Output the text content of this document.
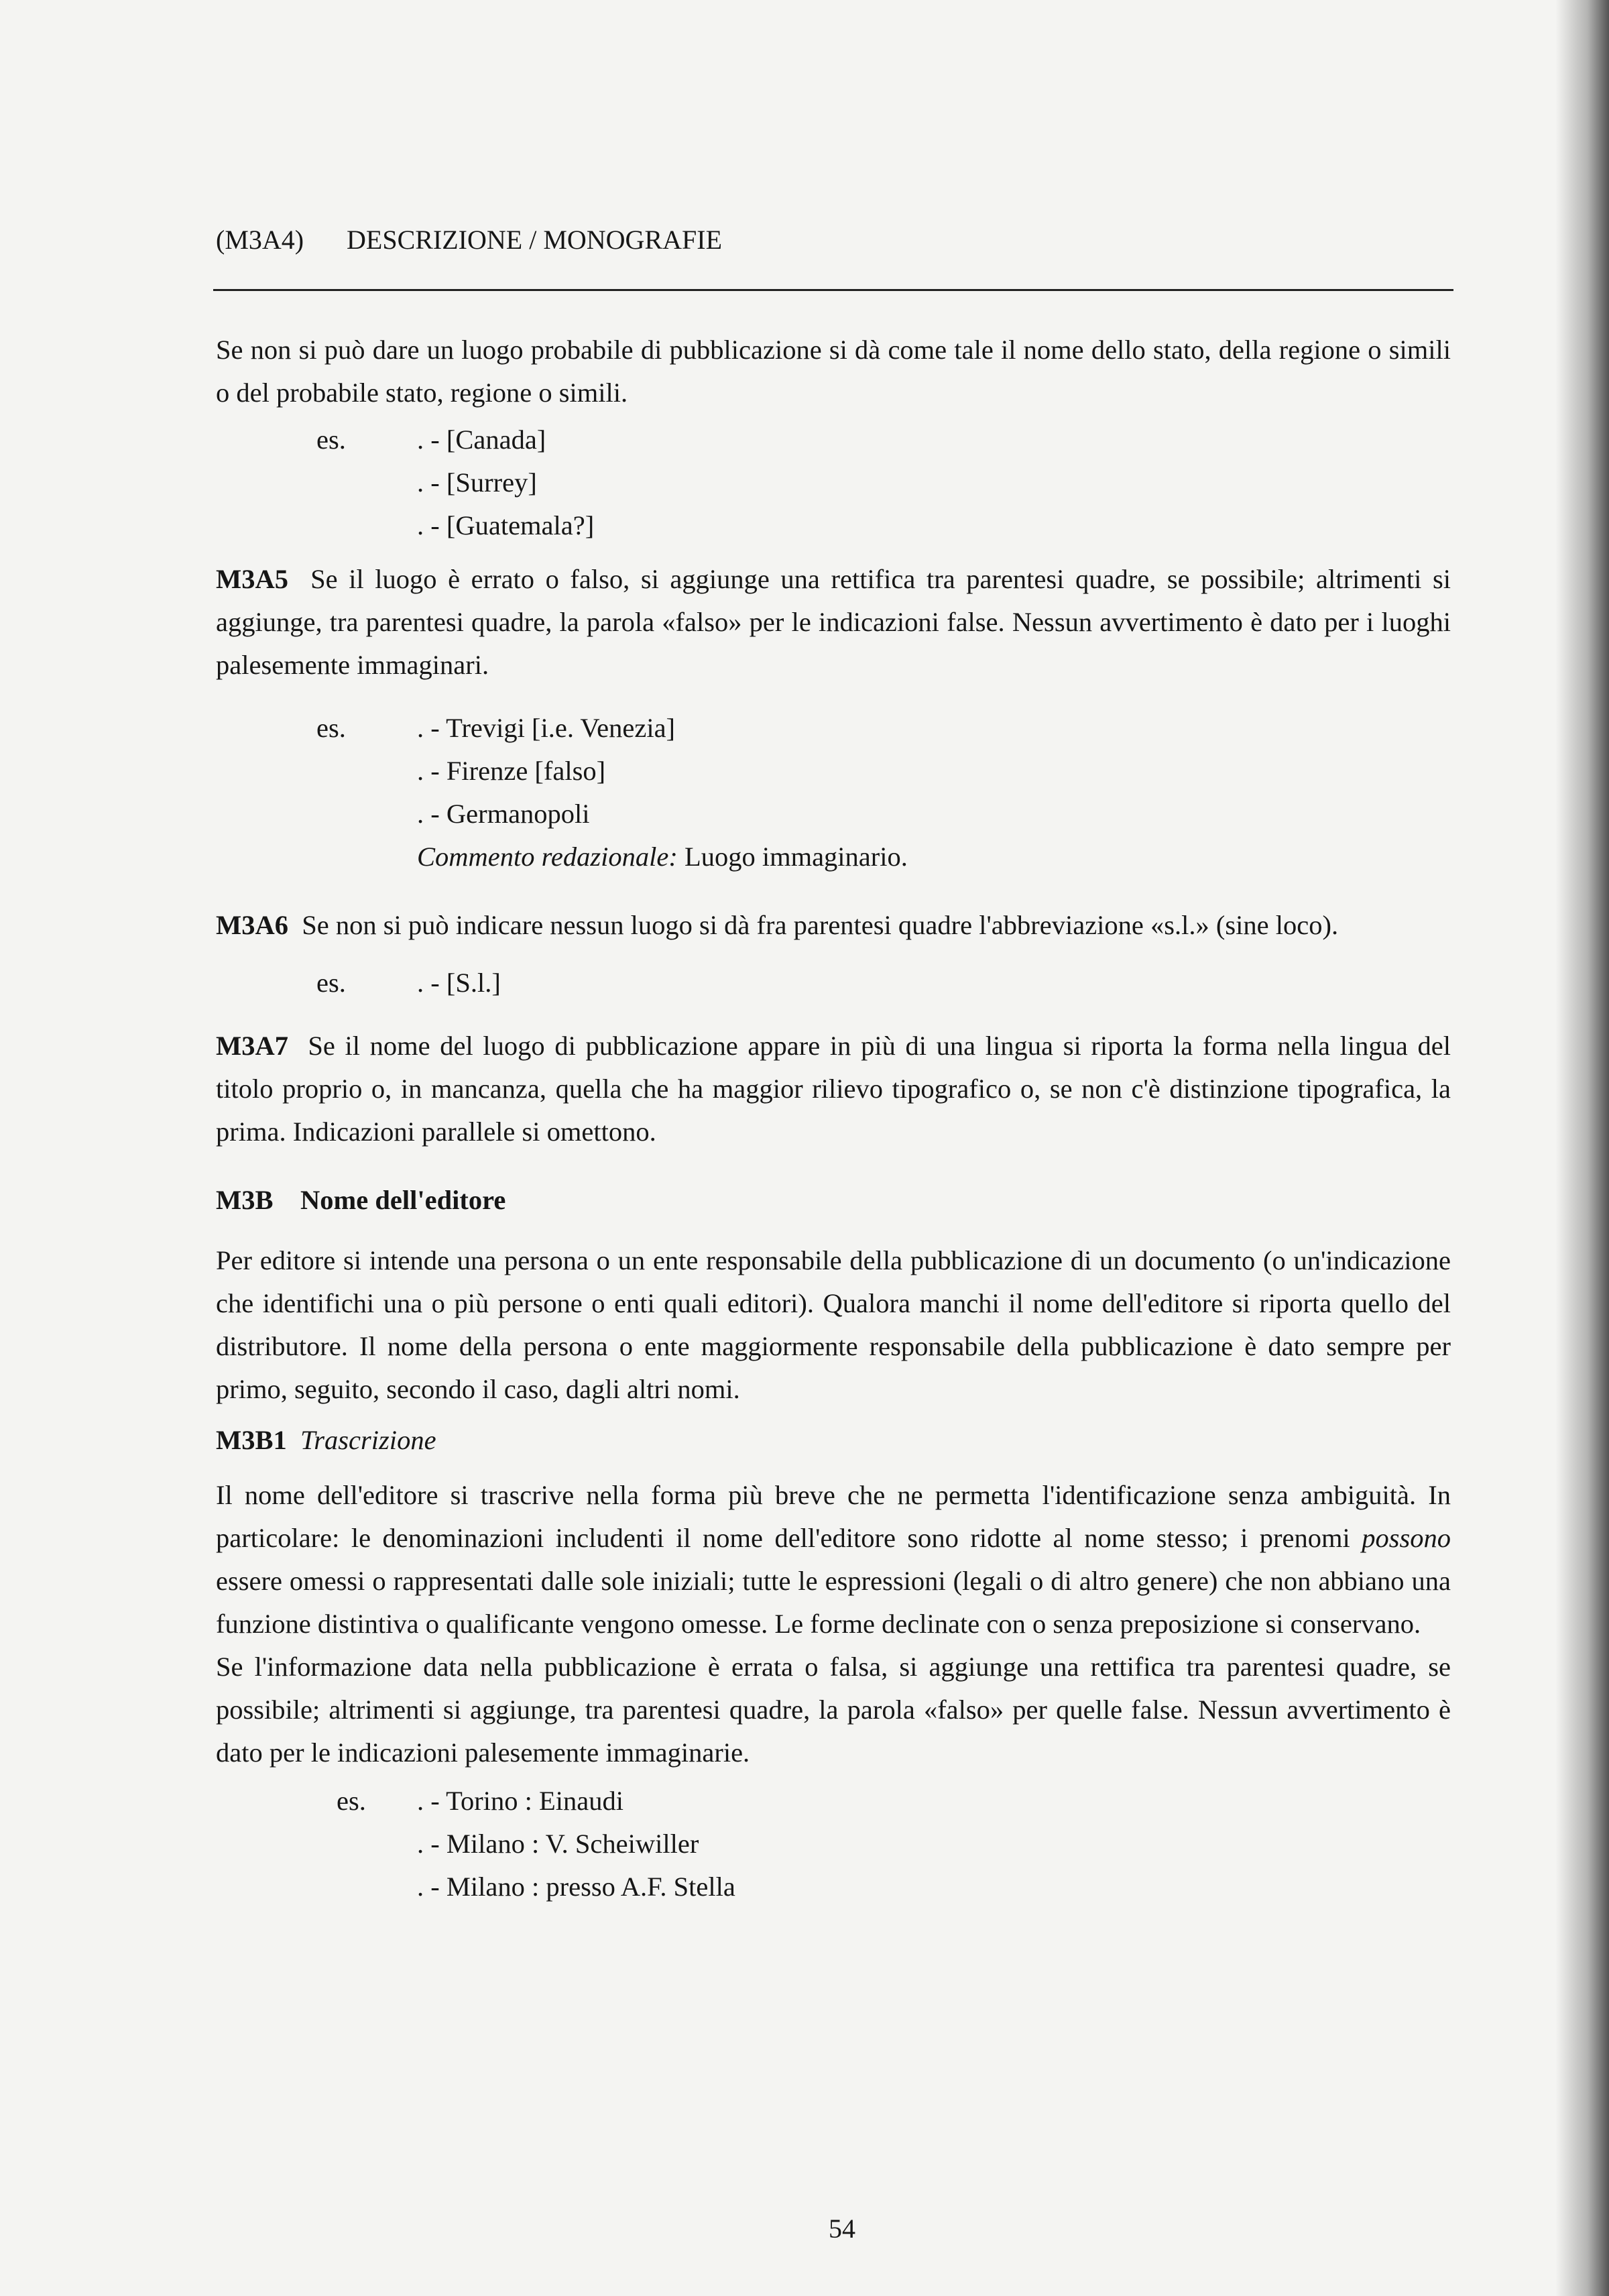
(M3A4) DESCRIZIONE / MONOGRAFIE

Se non si può dare un luogo probabile di pubblicazione si dà come tale il nome dello stato, della regione o simili o del probabile stato, regione o simili.

es.	. - [Canada]
. - [Surrey]
. - [Guatemala?]

M3A5 Se il luogo è errato o falso, si aggiunge una rettifica tra parentesi quadre, se possibile; altrimenti si aggiunge, tra parentesi quadre, la parola «falso» per le indicazioni false. Nessun avvertimento è dato per i luoghi palesemente immaginari.

es.	. - Trevigi [i.e. Venezia]
. - Firenze [falso]
. - Germanopoli
Commento redazionale: Luogo immaginario.

M3A6 Se non si può indicare nessun luogo si dà fra parentesi quadre l'abbreviazione «s.l.» (sine loco).

es.	. - [S.l.]

M3A7 Se il nome del luogo di pubblicazione appare in più di una lingua si riporta la forma nella lingua del titolo proprio o, in mancanza, quella che ha maggior rilievo tipografico o, se non c'è distinzione tipografica, la prima. Indicazioni parallele si omettono.

M3B Nome dell'editore

Per editore si intende una persona o un ente responsabile della pubblicazione di un documento (o un'indicazione che identifichi una o più persone o enti quali editori). Qualora manchi il nome dell'editore si riporta quello del distributore. Il nome della persona o ente maggiormente responsabile della pubblicazione è dato sempre per primo, seguito, secondo il caso, dagli altri nomi.

M3B1 Trascrizione

Il nome dell'editore si trascrive nella forma più breve che ne permetta l'identificazione senza ambiguità. In particolare: le denominazioni includenti il nome dell'editore sono ridotte al nome stesso; i prenomi possono essere omessi o rappresentati dalle sole iniziali; tutte le espressioni (legali o di altro genere) che non abbiano una funzione distintiva o qualificante vengono omesse. Le forme declinate con o senza preposizione si conservano.

Se l'informazione data nella pubblicazione è errata o falsa, si aggiunge una rettifica tra parentesi quadre, se possibile; altrimenti si aggiunge, tra parentesi quadre, la parola «falso» per quelle false. Nessun avvertimento è dato per le indicazioni palesemente immaginarie.

es. . - Torino : Einaudi
. - Milano : V. Scheiwiller
. - Milano : presso A.F. Stella
54
